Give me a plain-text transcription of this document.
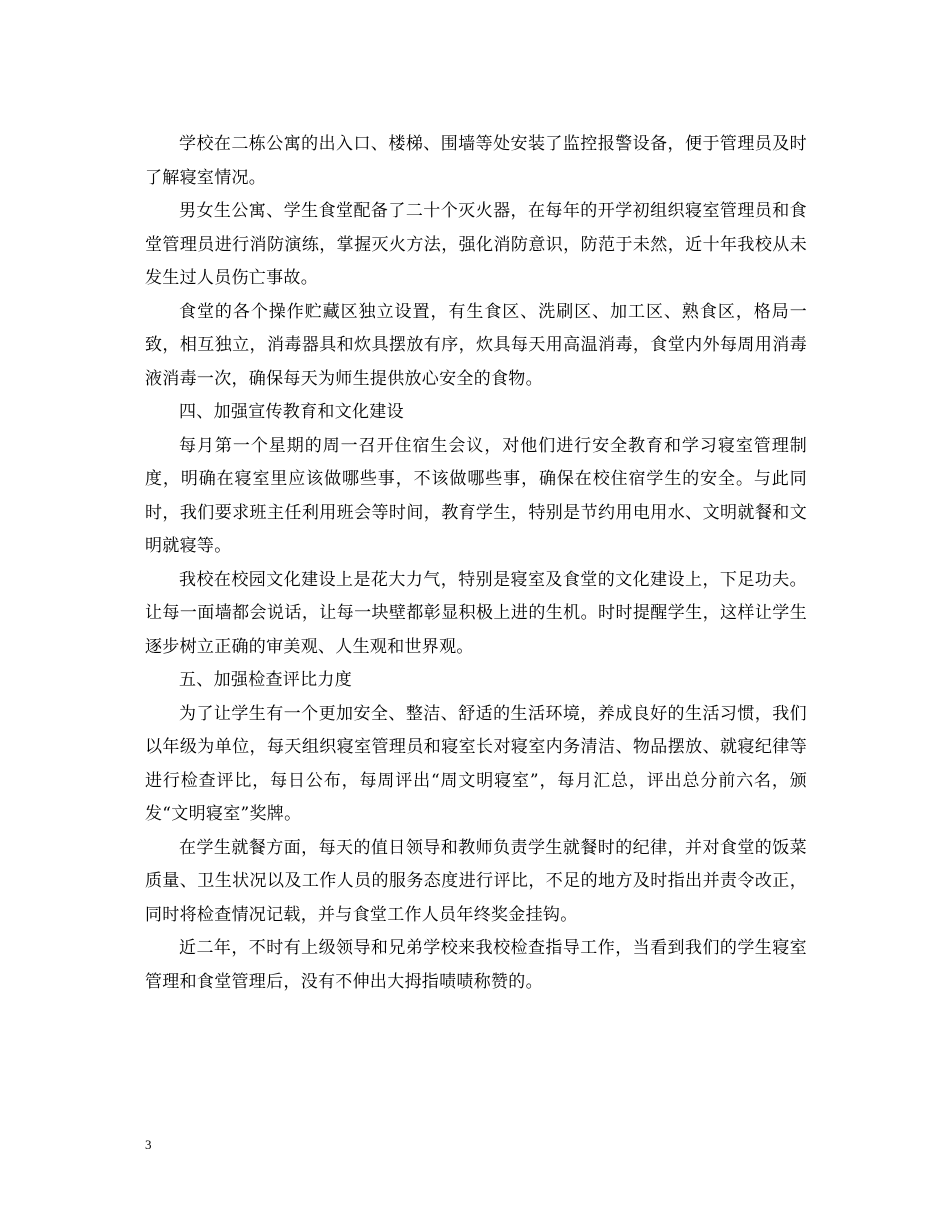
学校在二栋公寓的出入口、楼梯、围墙等处安装了监控报警设备，便于管理员及时了解寝室情况。

男女生公寓、学生食堂配备了二十个灭火器，在每年的开学初组织寝室管理员和食堂管理员进行消防演练，掌握灭火方法，强化消防意识，防范于未然，近十年我校从未发生过人员伤亡事故。

食堂的各个操作贮藏区独立设置，有生食区、洗刷区、加工区、熟食区，格局一致，相互独立，消毒器具和炊具摆放有序，炊具每天用高温消毒，食堂内外每周用消毒液消毒一次，确保每天为师生提供放心安全的食物。

四、加强宣传教育和文化建设

每月第一个星期的周一召开住宿生会议，对他们进行安全教育和学习寝室管理制度，明确在寝室里应该做哪些事，不该做哪些事，确保在校住宿学生的安全。与此同时，我们要求班主任利用班会等时间，教育学生，特别是节约用电用水、文明就餐和文明就寝等。

我校在校园文化建设上是花大力气，特别是寝室及食堂的文化建设上，下足功夫。让每一面墙都会说话，让每一块壁都彰显积极上进的生机。时时提醒学生，这样让学生逐步树立正确的审美观、人生观和世界观。

五、加强检查评比力度

为了让学生有一个更加安全、整洁、舒适的生活环境，养成良好的生活习惯，我们以年级为单位，每天组织寝室管理员和寝室长对寝室内务清洁、物品摆放、就寝纪律等进行检查评比，每日公布，每周评出“周文明寝室”，每月汇总，评出总分前六名，颁发“文明寝室”奖牌。

在学生就餐方面，每天的值日领导和教师负责学生就餐时的纪律，并对食堂的饭菜质量、卫生状况以及工作人员的服务态度进行评比，不足的地方及时指出并责令改正，同时将检查情况记载，并与食堂工作人员年终奖金挂钩。

近二年，不时有上级领导和兄弟学校来我校检查指导工作，当看到我们的学生寝室管理和食堂管理后，没有不伸出大拇指啧啧称赞的。

3
